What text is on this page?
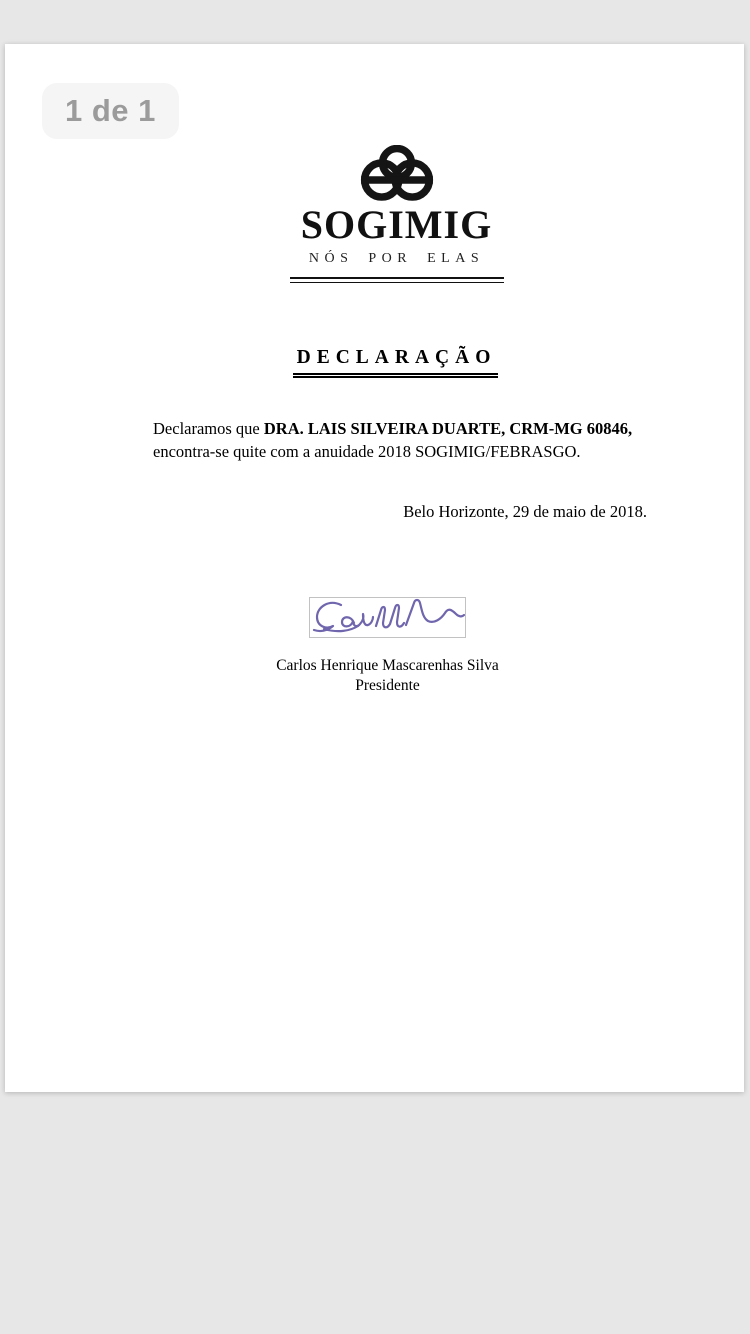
1 de 1
SOGIMIG
NÓS POR ELAS
DECLARAÇÃO
Declaramos que DRA. LAIS SILVEIRA DUARTE, CRM-MG 60846,
encontra-se quite com a anuidade 2018 SOGIMIG/FEBRASGO.
Belo Horizonte, 29 de maio de 2018.
Carlos Henrique Mascarenhas Silva
Presidente
